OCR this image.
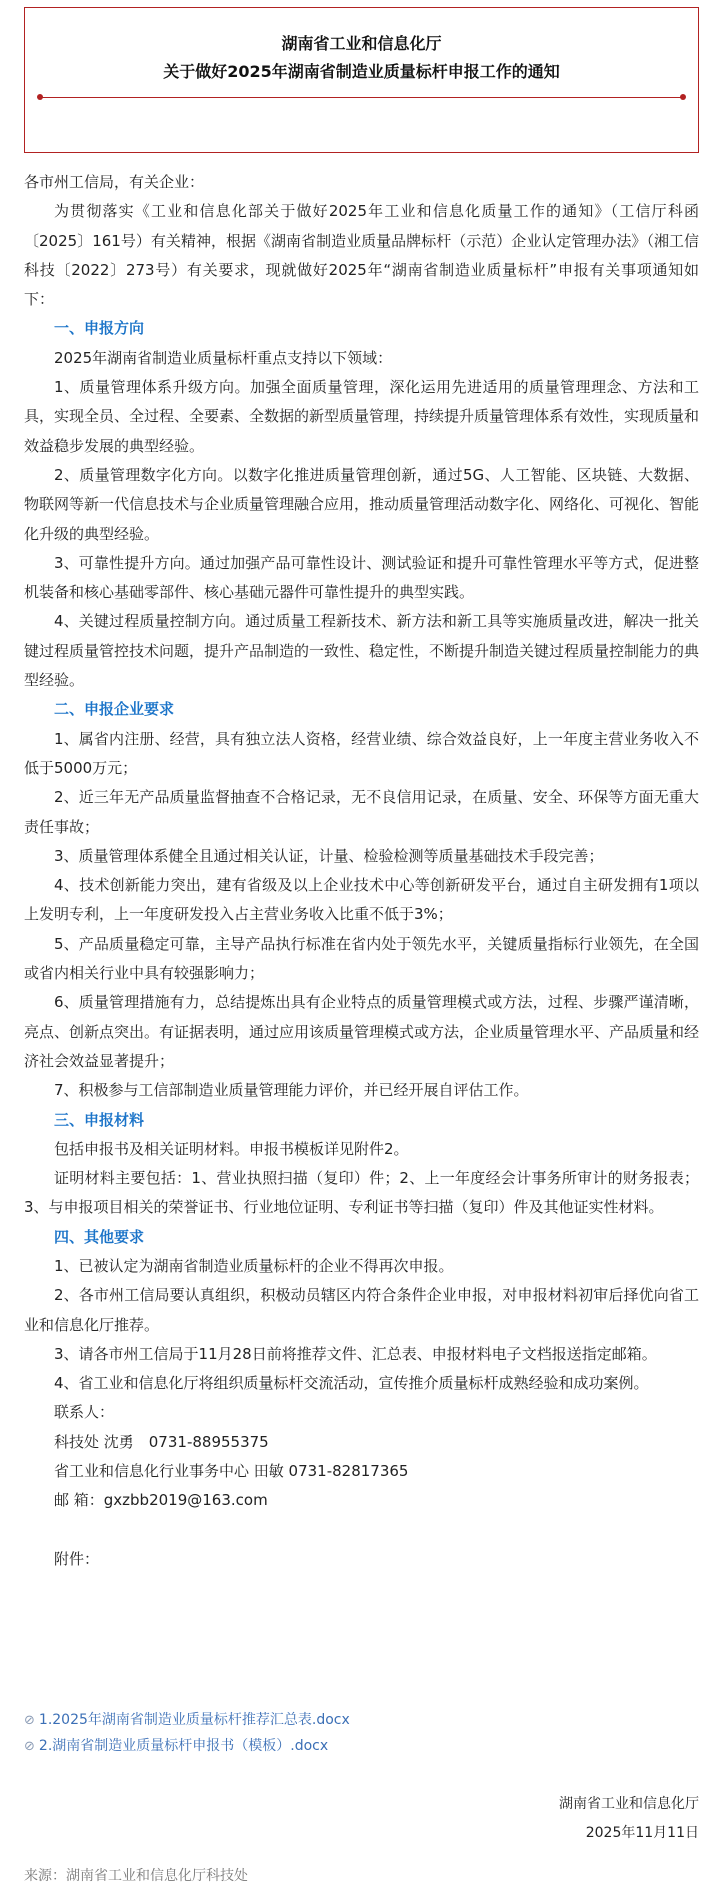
湖南省工业和信息化厅
关于做好2025年湖南省制造业质量标杆申报工作的通知

各市州工信局，有关企业：

为贯彻落实《工业和信息化部关于做好2025年工业和信息化质量工作的通知》（工信厅科函〔2025〕161号）有关精神，根据《湖南省制造业质量品牌标杆（示范）企业认定管理办法》（湘工信科技〔2022〕273号）有关要求，现就做好2025年“湖南省制造业质量标杆”申报有关事项通知如下：

一、申报方向

2025年湖南省制造业质量标杆重点支持以下领域：

1、质量管理体系升级方向。加强全面质量管理，深化运用先进适用的质量管理理念、方法和工具，实现全员、全过程、全要素、全数据的新型质量管理，持续提升质量管理体系有效性，实现质量和效益稳步发展的典型经验。

2、质量管理数字化方向。以数字化推进质量管理创新，通过5G、人工智能、区块链、大数据、物联网等新一代信息技术与企业质量管理融合应用，推动质量管理活动数字化、网络化、可视化、智能化升级的典型经验。

3、可靠性提升方向。通过加强产品可靠性设计、测试验证和提升可靠性管理水平等方式，促进整机装备和核心基础零部件、核心基础元器件可靠性提升的典型实践。

4、关键过程质量控制方向。通过质量工程新技术、新方法和新工具等实施质量改进，解决一批关键过程质量管控技术问题，提升产品制造的一致性、稳定性，不断提升制造关键过程质量控制能力的典型经验。

二、申报企业要求

1、属省内注册、经营，具有独立法人资格，经营业绩、综合效益良好，上一年度主营业务收入不低于5000万元；

2、近三年无产品质量监督抽查不合格记录，无不良信用记录，在质量、安全、环保等方面无重大责任事故；

3、质量管理体系健全且通过相关认证，计量、检验检测等质量基础技术手段完善；

4、技术创新能力突出，建有省级及以上企业技术中心等创新研发平台，通过自主研发拥有1项以上发明专利，上一年度研发投入占主营业务收入比重不低于3%；

5、产品质量稳定可靠，主导产品执行标准在省内处于领先水平，关键质量指标行业领先，在全国或省内相关行业中具有较强影响力；

6、质量管理措施有力，总结提炼出具有企业特点的质量管理模式或方法，过程、步骤严谨清晰，亮点、创新点突出。有证据表明，通过应用该质量管理模式或方法，企业质量管理水平、产品质量和经济社会效益显著提升；

7、积极参与工信部制造业质量管理能力评价，并已经开展自评估工作。

三、申报材料

包括申报书及相关证明材料。申报书模板详见附件2。

证明材料主要包括：1、营业执照扫描（复印）件；2、上一年度经会计事务所审计的财务报表；3、与申报项目相关的荣誉证书、行业地位证明、专利证书等扫描（复印）件及其他证实性材料。

四、其他要求

1、已被认定为湖南省制造业质量标杆的企业不得再次申报。

2、各市州工信局要认真组织，积极动员辖区内符合条件企业申报，对申报材料初审后择优向省工业和信息化厅推荐。

3、请各市州工信局于11月28日前将推荐文件、汇总表、申报材料电子文档报送指定邮箱。

4、省工业和信息化厅将组织质量标杆交流活动，宣传推介质量标杆成熟经验和成功案例。

联系人：

科技处 沈勇　0731-88955375

省工业和信息化行业事务中心 田敏 0731-82817365

邮 箱：gxzbb2019@163.com

附件：

⊘ 1.2025年湖南省制造业质量标杆推荐汇总表.docx
⊘ 2.湖南省制造业质量标杆申报书（模板）.docx
湖南省工业和信息化厅
2025年11月11日
来源：湖南省工业和信息化厅科技处
